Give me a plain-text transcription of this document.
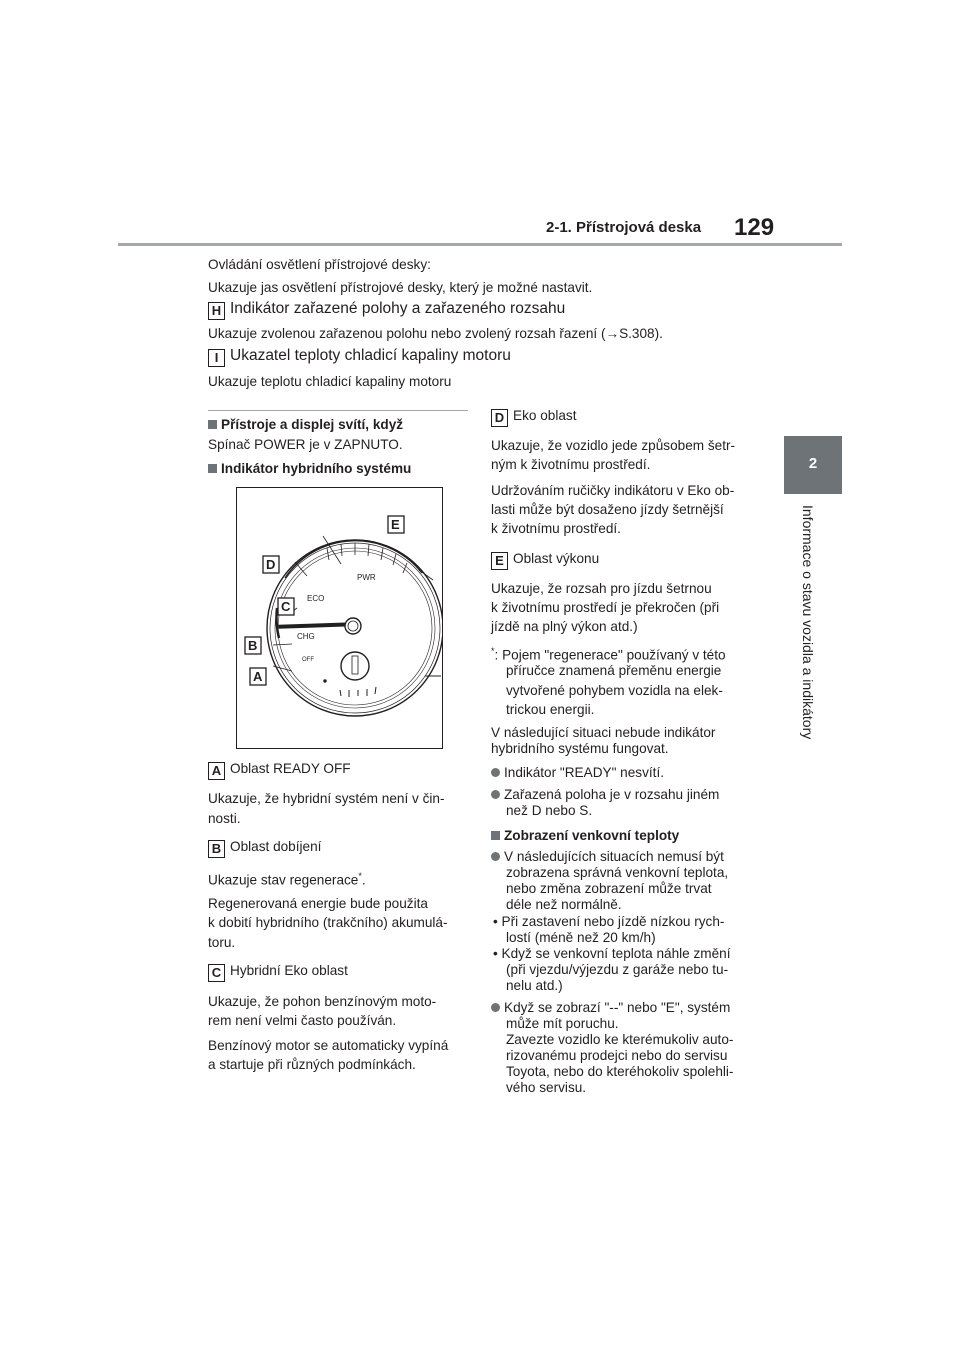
2-1. Přístrojová deska 129
2
Informace o stavu vozidla a indikátory
Ovládání osvětlení přístrojové desky:
Ukazuje jas osvětlení přístrojové desky, který je možné nastavit.
H Indikátor zařazené polohy a zařazeného rozsahu
Ukazuje zvolenou zařazenou polohu nebo zvolený rozsah řazení (→S.308).
I Ukazatel teploty chladicí kapaliny motoru
Ukazuje teplotu chladicí kapaliny motoru
Přístroje a displej svítí, když
Spínač POWER je v ZAPNUTO.
Indikátor hybridního systému
PWR
ECO
CHG
OFF
E
D
C
B
A
A Oblast READY OFF
Ukazuje, že hybridní systém není v čin-
nosti.
B Oblast dobíjení
Ukazuje stav regenerace*.
Regenerovaná energie bude použita
k dobití hybridního (trakčního) akumulá-
toru.
C Hybridní Eko oblast
Ukazuje, že pohon benzínovým moto-
rem není velmi často používán.
Benzínový motor se automaticky vypíná
a startuje při různých podmínkách.
D Eko oblast
Ukazuje, že vozidlo jede způsobem šetr-
ným k životnímu prostředí.
Udržováním ručičky indikátoru v Eko ob-
lasti může být dosaženo jízdy šetrnější
k životnímu prostředí.
E Oblast výkonu
Ukazuje, že rozsah pro jízdu šetrnou
k životnímu prostředí je překročen (při
jízdě na plný výkon atd.)
*: Pojem "regenerace" používaný v této
příručce znamená přeměnu energie
vytvořené pohybem vozidla na elek-
trickou energii.
V následující situaci nebude indikátor
hybridního systému fungovat.
Indikátor "READY" nesvítí.
Zařazená poloha je v rozsahu jiném
než D nebo S.
Zobrazení venkovní teploty
V následujících situacích nemusí být
zobrazena správná venkovní teplota,
nebo změna zobrazení může trvat
déle než normálně.
• Při zastavení nebo jízdě nízkou rych-
lostí (méně než 20 km/h)
• Když se venkovní teplota náhle změní
(při vjezdu/výjezdu z garáže nebo tu-
nelu atd.)
Když se zobrazí "--" nebo "E", systém
může mít poruchu.
Zavezte vozidlo ke kterémukoliv auto-
rizovanému prodejci nebo do servisu
Toyota, nebo do kteréhokoliv spolehli-
vého servisu.
